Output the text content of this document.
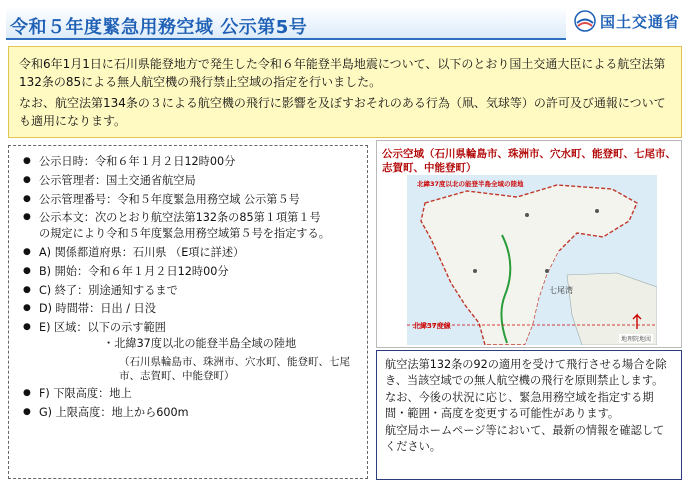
令和５年度緊急用務空域 公示第5号	国土交通省

令和6年1月1日に石川県能登地方で発生した令和６年能登半島地震について、以下のとおり国土交通大臣による航空法第132条の85による無人航空機の飛行禁止空域の指定を行いました。

なお、航空法第134条の３による航空機の飛行に影響を及ぼすおそれのある行為（凧、気球等）の許可及び通報についても適用になります。

● 公示日時：令和６年１月２日12時00分
● 公示管理者：国土交通省航空局
● 公示管理番号：令和５年度緊急用務空域 公示第５号
● 公示本文：次のとおり航空法第132条の85第１項第１号
の規定により令和５年度緊急用務空域第５号を指定する。
● A) 関係都道府県：石川県 （E項に詳述）
● B) 開始：令和６年１月２日12時00分
● C) 終了：別途通知するまで
● D) 時間帯：日出 / 日没
● E) 区域：以下の示す範囲
・北緯37度以北の能登半島全域の陸地
（石川県輪島市、珠洲市、穴水町、能登町、七尾市、志賀町、中能登町）
● F) 下限高度：地上
● G) 上限高度：地上から600m
公示空域（石川県輪島市、珠洲市、穴水町、能登町、七尾市、志賀町、中能登町）
北緯37度以北の能登半島全域の陸地
七尾湾
北緯37度線
地理院地図

航空法第132条の92の適用を受けて飛行させる場合を除き、当該空域での無人航空機の飛行を原則禁止します。

なお、今後の状況に応じ、緊急用務空域を指定する期間・範囲・高度を変更する可能性があります。

航空局ホームページ等において、最新の情報を確認してください。
